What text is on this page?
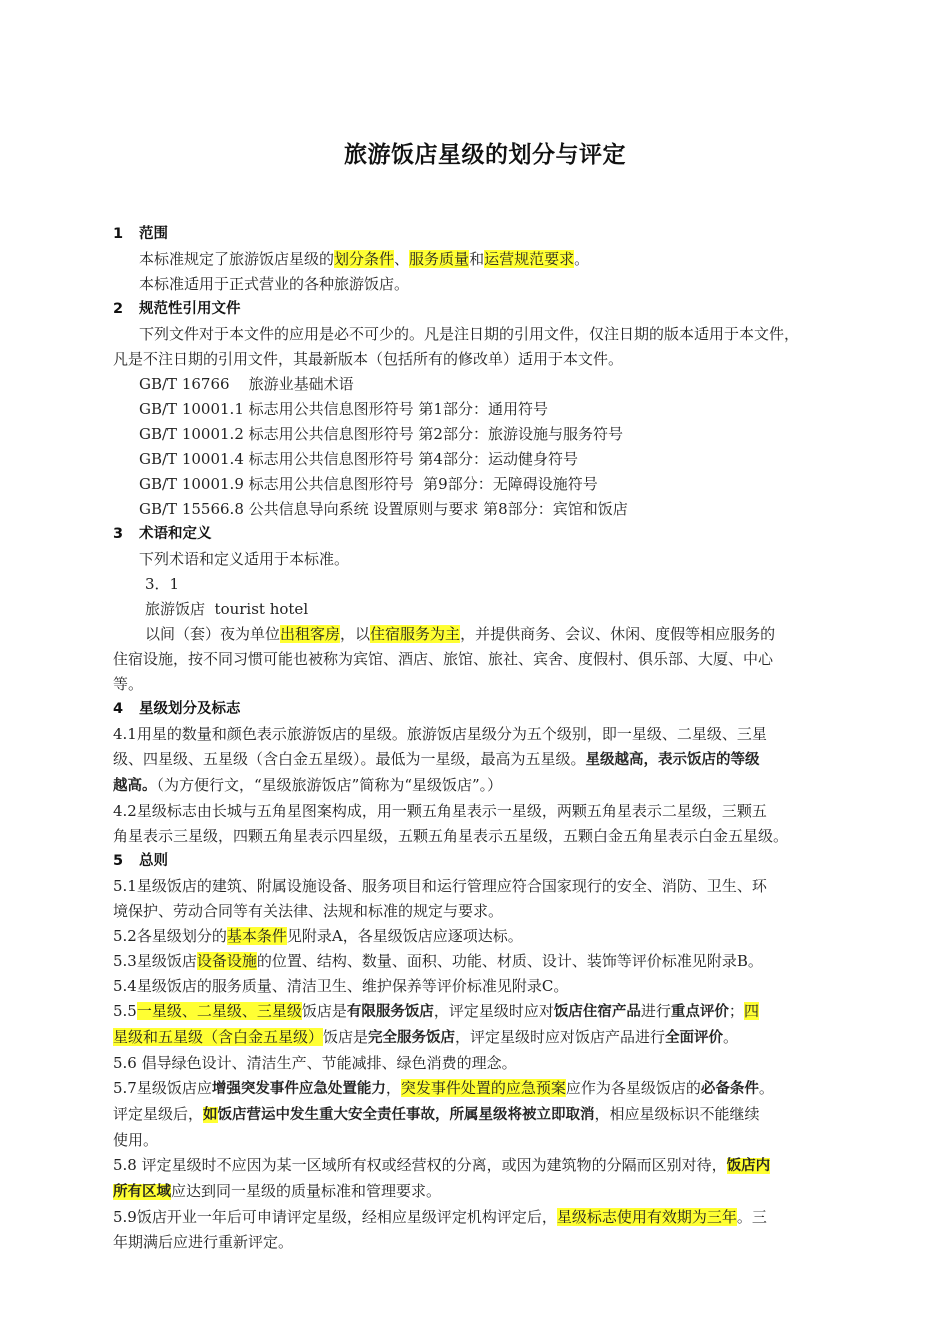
旅游饭店星级的划分与评定
1 范围

本标准规定了旅游饭店星级的划分条件、服务质量和运营规范要求。

本标准适用于正式营业的各种旅游饭店。

2 规范性引用文件

下列文件对于本文件的应用是必不可少的。凡是注日期的引用文件，仅注日期的版本适用于本文件，

凡是不注日期的引用文件，其最新版本（包括所有的修改单）适用于本文件。

GB/T 16766    旅游业基础术语

GB/T 10001.1 标志用公共信息图形符号 第1部分：通用符号

GB/T 10001.2 标志用公共信息图形符号 第2部分：旅游设施与服务符号

GB/T 10001.4 标志用公共信息图形符号 第4部分：运动健身符号

GB/T 10001.9 标志用公共信息图形符号  第9部分：无障碍设施符号

GB/T 15566.8 公共信息导向系统 设置原则与要求 第8部分：宾馆和饭店

3 术语和定义

下列术语和定义适用于本标准。

3．1

旅游饭店  tourist hotel

以间（套）夜为单位出租客房，以住宿服务为主，并提供商务、会议、休闲、度假等相应服务的

住宿设施，按不同习惯可能也被称为宾馆、酒店、旅馆、旅社、宾舍、度假村、俱乐部、大厦、中心

等。

4 星级划分及标志

4.1用星的数量和颜色表示旅游饭店的星级。旅游饭店星级分为五个级别，即一星级、二星级、三星

级、四星级、五星级（含白金五星级）。最低为一星级，最高为五星级。星级越高，表示饭店的等级

越高。（为方便行文，“星级旅游饭店”简称为“星级饭店”。）

4.2星级标志由长城与五角星图案构成，用一颗五角星表示一星级，两颗五角星表示二星级，三颗五

角星表示三星级，四颗五角星表示四星级，五颗五角星表示五星级，五颗白金五角星表示白金五星级。

5 总则

5.1星级饭店的建筑、附属设施设备、服务项目和运行管理应符合国家现行的安全、消防、卫生、环

境保护、劳动合同等有关法律、法规和标准的规定与要求。

5.2各星级划分的基本条件见附录A，各星级饭店应逐项达标。

5.3星级饭店设备设施的位置、结构、数量、面积、功能、材质、设计、装饰等评价标准见附录B。

5.4星级饭店的服务质量、清洁卫生、维护保养等评价标准见附录C。

5.5一星级、二星级、三星级饭店是有限服务饭店，评定星级时应对饭店住宿产品进行重点评价；四

星级和五星级（含白金五星级）饭店是完全服务饭店，评定星级时应对饭店产品进行全面评价。

5.6 倡导绿色设计、清洁生产、节能减排、绿色消费的理念。

5.7星级饭店应增强突发事件应急处置能力，突发事件处置的应急预案应作为各星级饭店的必备条件。

评定星级后，如饭店营运中发生重大安全责任事故，所属星级将被立即取消，相应星级标识不能继续

使用。

5.8 评定星级时不应因为某一区域所有权或经营权的分离，或因为建筑物的分隔而区别对待，饭店内

所有区域应达到同一星级的质量标准和管理要求。

5.9饭店开业一年后可申请评定星级，经相应星级评定机构评定后，星级标志使用有效期为三年。三

年期满后应进行重新评定。
